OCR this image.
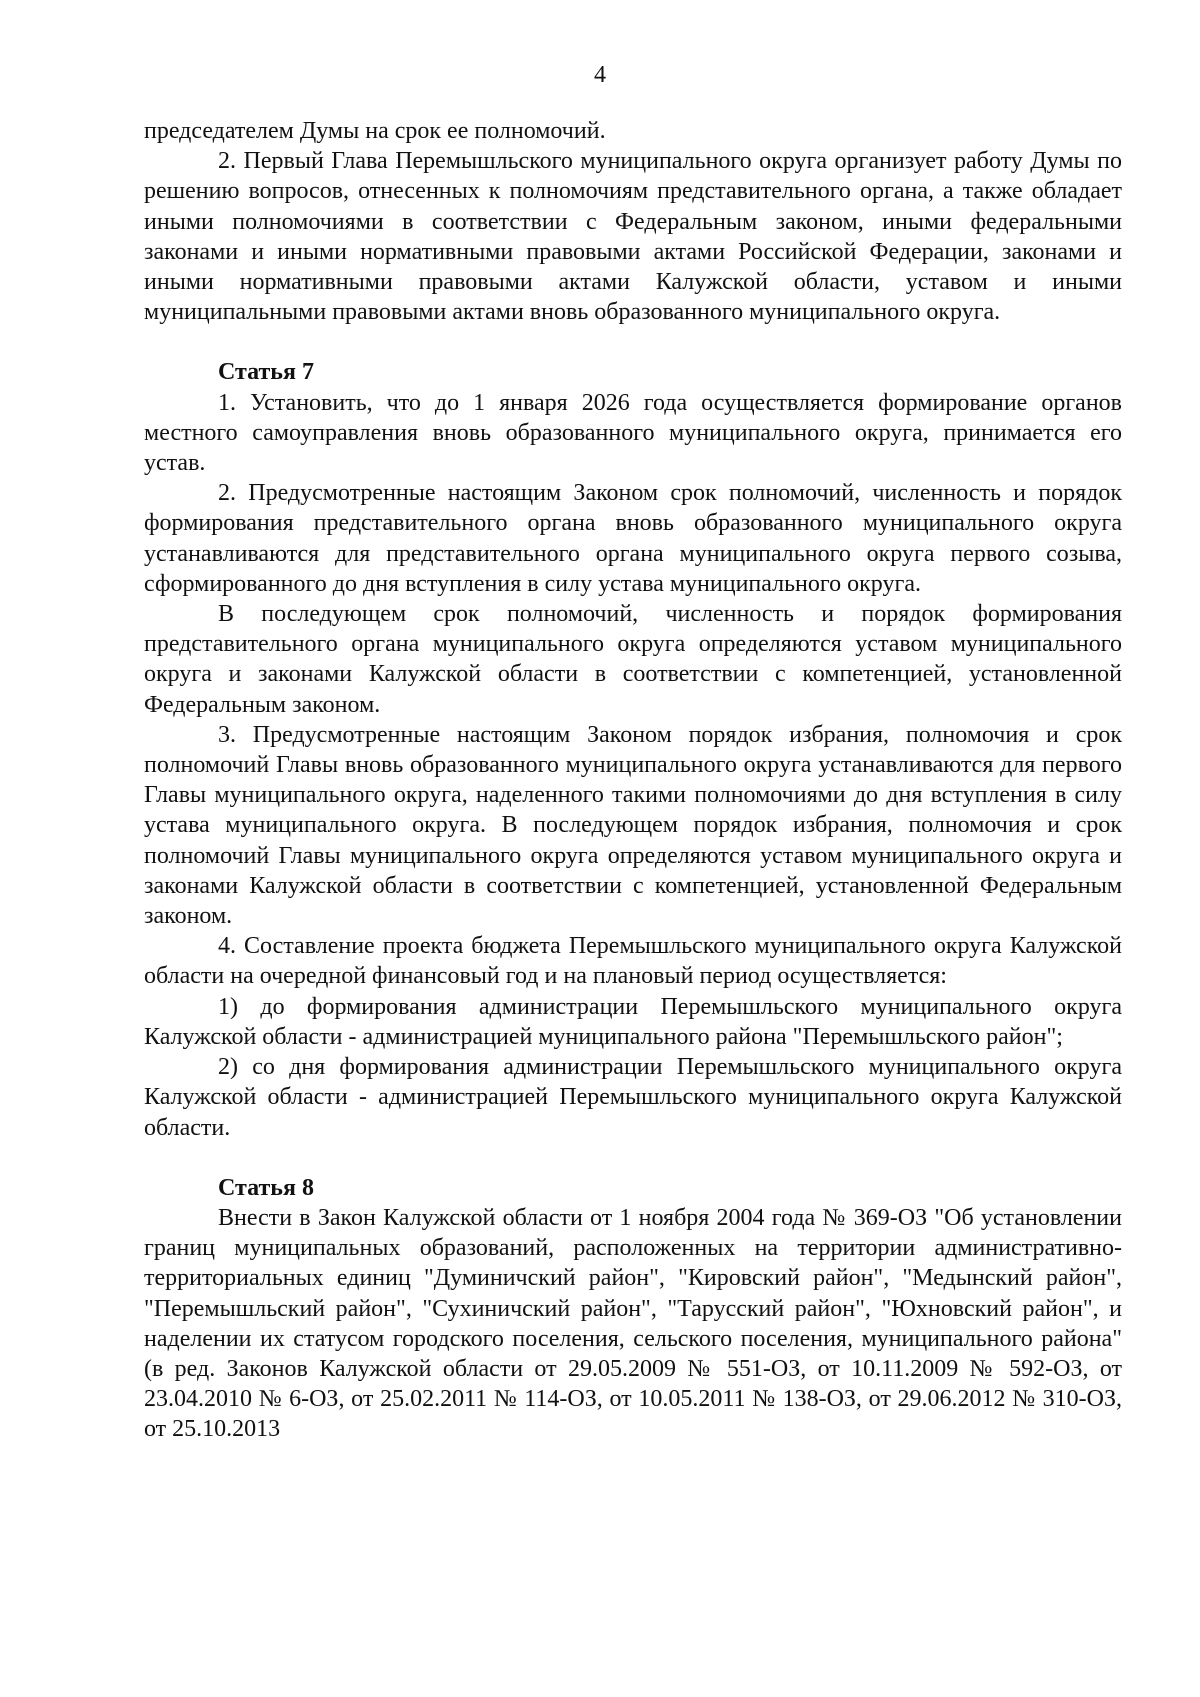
4

председателем Думы на срок ее полномочий.

2. Первый Глава Перемышльского муниципального округа организует работу Думы по решению вопросов, отнесенных к полномочиям представительного органа, а также обладает иными полномочиями в соответствии с Федеральным законом, иными федеральными законами и иными нормативными правовыми актами Российской Федерации, законами и иными нормативными правовыми актами Калужской области, уставом и иными муниципальными правовыми актами вновь образованного муниципального округа.

Статья 7

1. Установить, что до 1 января 2026 года осуществляется формирование органов местного самоуправления вновь образованного муниципального округа, принимается его устав.

2. Предусмотренные настоящим Законом срок полномочий, численность и порядок формирования представительного органа вновь образованного муниципального округа устанавливаются для представительного органа муниципального округа первого созыва, сформированного до дня вступления в силу устава муниципального округа.

В последующем срок полномочий, численность и порядок формирования представительного органа муниципального округа определяются уставом муниципального округа и законами Калужской области в соответствии с компетенцией, установленной Федеральным законом.

3. Предусмотренные настоящим Законом порядок избрания, полномочия и срок полномочий Главы вновь образованного муниципального округа устанавливаются для первого Главы муниципального округа, наделенного такими полномочиями до дня вступления в силу устава муниципального округа. В последующем порядок избрания, полномочия и срок полномочий Главы муниципального округа определяются уставом муниципального округа и законами Калужской области в соответствии с компетенцией, установленной Федеральным законом.

4. Составление проекта бюджета Перемышльского муниципального округа Калужской области на очередной финансовый год и на плановый период осуществляется:

1) до формирования администрации Перемышльского муниципального округа Калужской области - администрацией муниципального района "Перемышльского район";

2) со дня формирования администрации Перемышльского муниципального округа Калужской области - администрацией Перемышльского муниципального округа Калужской области.

Статья 8

Внести в Закон Калужской области от 1 ноября 2004 года № 369-ОЗ "Об установлении границ муниципальных образований, расположенных на территории административно-территориальных единиц "Думиничский район", "Кировский район", "Медынский район", "Перемышльский район", "Сухиничский район", "Тарусский район", "Юхновский район", и наделении их статусом городского поселения, сельского поселения, муниципального района" (в ред. Законов Калужской области от 29.05.2009 № 551-ОЗ, от 10.11.2009 № 592-ОЗ, от 23.04.2010 № 6-ОЗ, от 25.02.2011 № 114-ОЗ, от 10.05.2011 № 138-ОЗ, от 29.06.2012 № 310-ОЗ, от 25.10.2013
